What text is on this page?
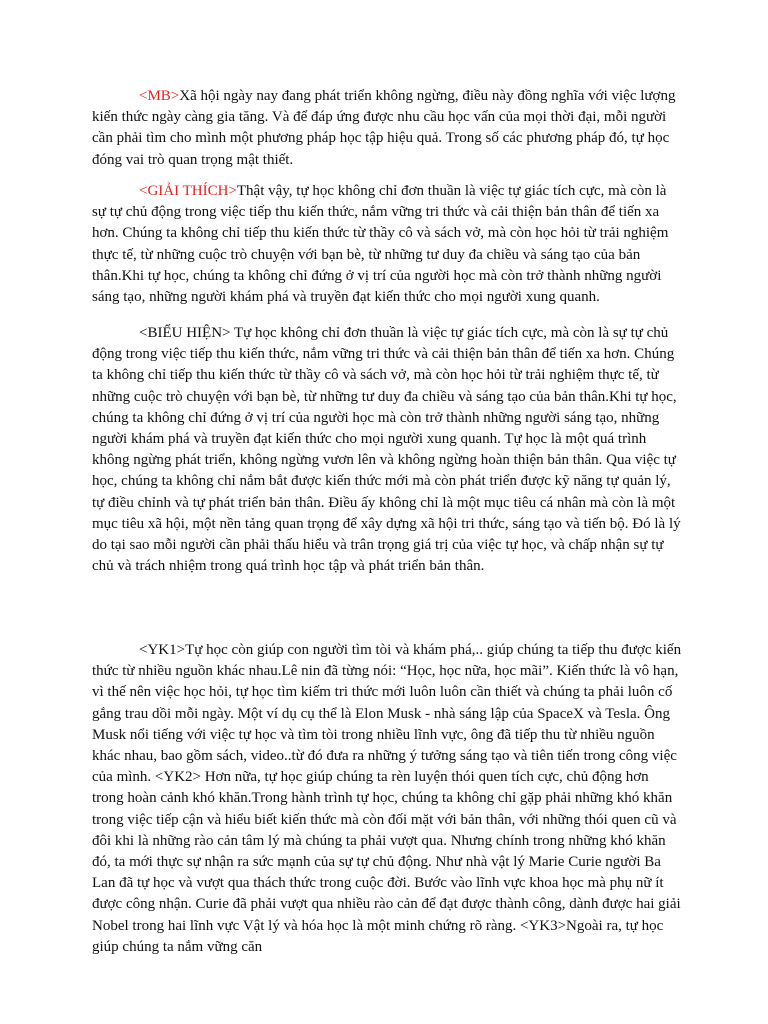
<MB>Xã hội ngày nay đang phát triển không ngừng, điều này đồng nghĩa với việc lượng kiến thức ngày càng gia tăng. Và để đáp ứng được nhu cầu học vấn của mọi thời đại, mỗi người cần phải tìm cho mình một phương pháp học tập hiệu quả. Trong số các phương pháp đó, tự học đóng vai trò quan trọng mật thiết.

<GIẢI THÍCH>Thật vậy, tự học không chỉ đơn thuần là việc tự giác tích cực, mà còn là sự tự chủ động trong việc tiếp thu kiến thức, nắm vững tri thức và cải thiện bản thân để tiến xa hơn. Chúng ta không chỉ tiếp thu kiến thức từ thầy cô và sách vở, mà còn học hỏi từ trải nghiệm thực tế, từ những cuộc trò chuyện với bạn bè, từ những tư duy đa chiều và sáng tạo của bản thân.Khi tự học, chúng ta không chỉ đứng ở vị trí của người học mà còn trở thành những người sáng tạo, những người khám phá và truyền đạt kiến thức cho mọi người xung quanh.

<BIỂU HIỆN> Tự học không chỉ đơn thuần là việc tự giác tích cực, mà còn là sự tự chủ động trong việc tiếp thu kiến thức, nắm vững tri thức và cải thiện bản thân để tiến xa hơn. Chúng ta không chỉ tiếp thu kiến thức từ thầy cô và sách vở, mà còn học hỏi từ trải nghiệm thực tế, từ những cuộc trò chuyện với bạn bè, từ những tư duy đa chiều và sáng tạo của bản thân.Khi tự học, chúng ta không chỉ đứng ở vị trí của người học mà còn trở thành những người sáng tạo, những người khám phá và truyền đạt kiến thức cho mọi người xung quanh. Tự học là một quá trình không ngừng phát triển, không ngừng vươn lên và không ngừng hoàn thiện bản thân. Qua việc tự học, chúng ta không chỉ nắm bắt được kiến thức mới mà còn phát triển được kỹ năng tự quản lý, tự điều chỉnh và tự phát triển bản thân. Điều ấy không chỉ là một mục tiêu cá nhân mà còn là một mục tiêu xã hội, một nền tảng quan trọng để xây dựng xã hội tri thức, sáng tạo và tiến bộ. Đó là lý do tại sao mỗi người cần phải thấu hiểu và trân trọng giá trị của việc tự học, và chấp nhận sự tự chủ và trách nhiệm trong quá trình học tập và phát triển bản thân.

<YK1>Tự học còn giúp con người tìm tòi và khám phá,.. giúp chúng ta tiếp thu được kiến thức từ nhiều nguồn khác nhau.Lê nin đã từng nói: “Học, học nữa, học mãi”. Kiến thức là vô hạn, vì thế nên việc học hỏi, tự học tìm kiếm tri thức mới luôn luôn cần thiết và chúng ta phải luôn cố gắng trau dồi mỗi ngày. Một ví dụ cụ thể là Elon Musk - nhà sáng lập của SpaceX và Tesla. Ông Musk nổi tiếng với việc tự học và tìm tòi trong nhiều lĩnh vực, ông đã tiếp thu từ nhiều nguồn khác nhau, bao gồm sách, video..từ đó đưa ra những ý tưởng sáng tạo và tiên tiến trong công việc của mình. <YK2> Hơn nữa, tự học giúp chúng ta rèn luyện thói quen tích cực, chủ động hơn trong hoàn cảnh khó khăn.Trong hành trình tự học, chúng ta không chỉ gặp phải những khó khăn trong việc tiếp cận và hiểu biết kiến thức mà còn đối mặt với bản thân, với những thói quen cũ và đôi khi là những rào cản tâm lý mà chúng ta phải vượt qua. Nhưng chính trong những khó khăn đó, ta mới thực sự nhận ra sức mạnh của sự tự chủ động. Như nhà vật lý Marie Curie người Ba Lan đã tự học và vượt qua thách thức trong cuộc đời. Bước vào lĩnh vực khoa học mà phụ nữ ít được công nhận. Curie đã phải vượt qua nhiều rào cản để đạt được thành công, dành được hai giải Nobel trong hai lĩnh vực Vật lý và hóa học là một minh chứng rõ ràng. <YK3>Ngoài ra, tự học giúp chúng ta nắm vững căn
